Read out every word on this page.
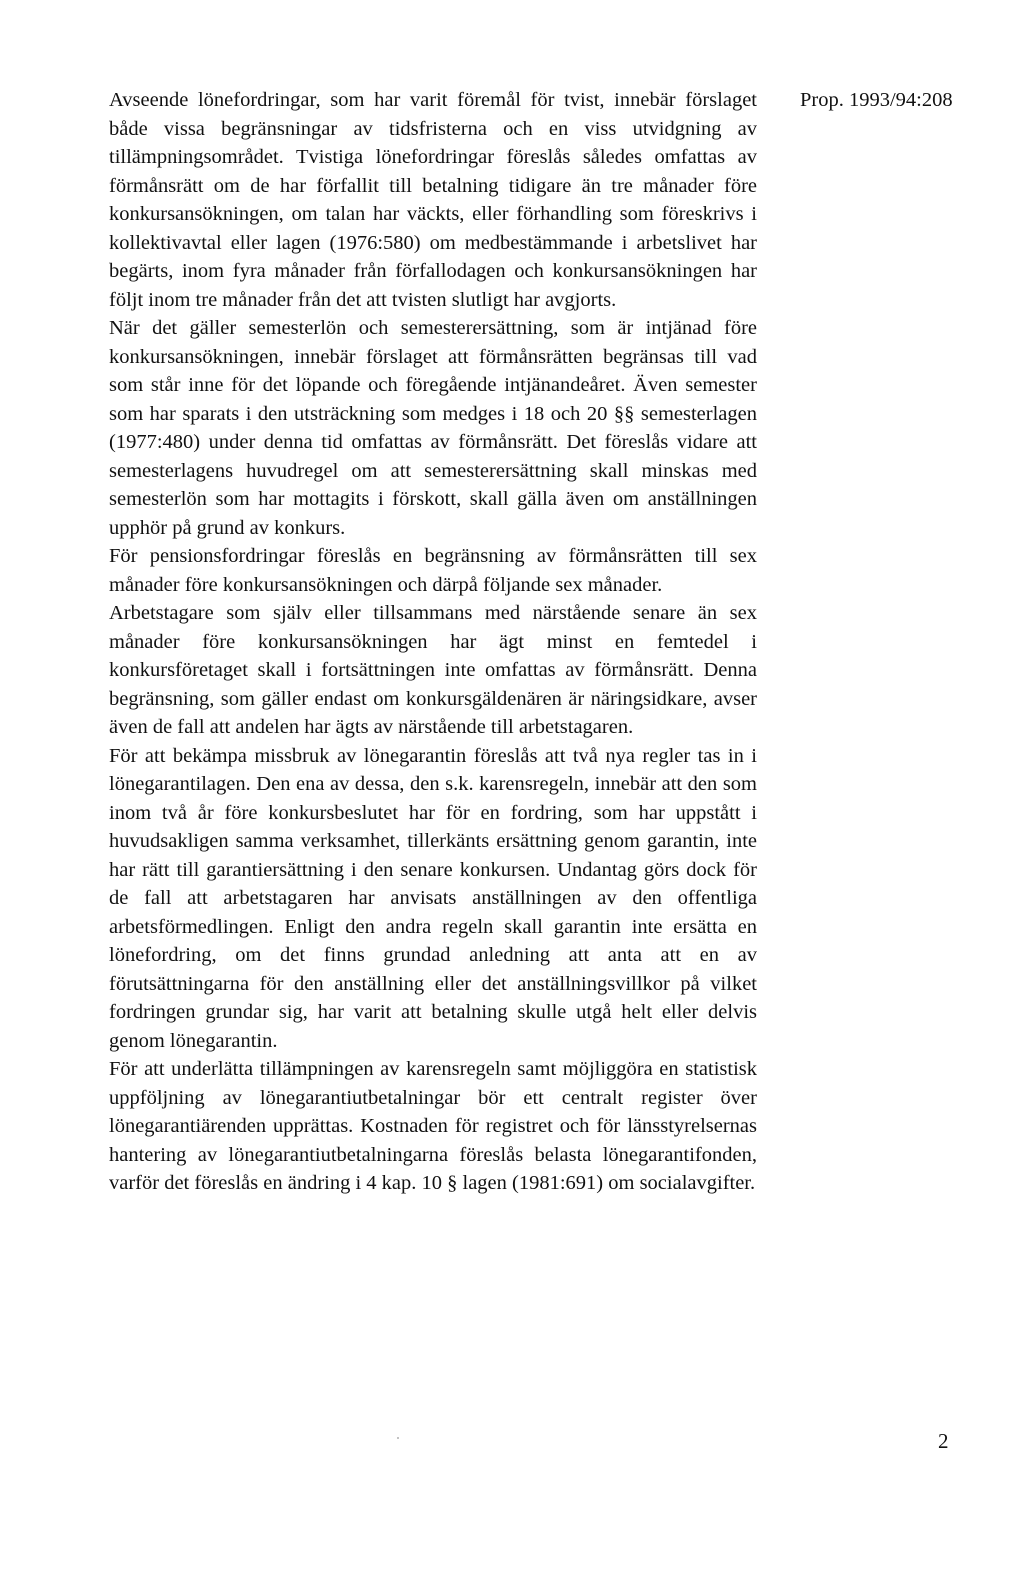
Prop. 1993/94:208

Avseende lönefordringar, som har varit föremål för tvist, innebär förslaget både vissa begränsningar av tidsfristerna och en viss utvidgning av tillämpningsområdet. Tvistiga lönefordringar föreslås således omfattas av förmånsrätt om de har förfallit till betalning tidigare än tre månader före konkursansökningen, om talan har väckts, eller förhandling som föreskrivs i kollektivavtal eller lagen (1976:580) om medbestämmande i arbetslivet har begärts, inom fyra månader från förfallodagen och konkursansökningen har följt inom tre månader från det att tvisten slutligt har avgjorts.

När det gäller semesterlön och semesterersättning, som är intjänad före konkursansökningen, innebär förslaget att förmånsrätten begränsas till vad som står inne för det löpande och föregående intjänandeåret. Även semester som har sparats i den utsträckning som medges i 18 och 20 §§ semesterlagen (1977:480) under denna tid omfattas av förmånsrätt. Det föreslås vidare att semesterlagens huvudregel om att semesterersättning skall minskas med semesterlön som har mottagits i förskott, skall gälla även om anställningen upphör på grund av konkurs.

För pensionsfordringar föreslås en begränsning av förmånsrätten till sex månader före konkursansökningen och därpå följande sex månader.

Arbetstagare som själv eller tillsammans med närstående senare än sex månader före konkursansökningen har ägt minst en femtedel i konkursföretaget skall i fortsättningen inte omfattas av förmånsrätt. Denna begränsning, som gäller endast om konkursgäldenären är näringsidkare, avser även de fall att andelen har ägts av närstående till arbetstagaren.

För att bekämpa missbruk av lönegarantin föreslås att två nya regler tas in i lönegarantilagen. Den ena av dessa, den s.k. karensregeln, innebär att den som inom två år före konkursbeslutet har för en fordring, som har uppstått i huvudsakligen samma verksamhet, tillerkänts ersättning genom garantin, inte har rätt till garantiersättning i den senare konkursen. Undantag görs dock för de fall att arbetstagaren har anvisats anställningen av den offentliga arbetsförmedlingen. Enligt den andra regeln skall garantin inte ersätta en lönefordring, om det finns grundad anledning att anta att en av förutsättningarna för den anställning eller det anställningsvillkor på vilket fordringen grundar sig, har varit att betalning skulle utgå helt eller delvis genom lönegarantin.

För att underlätta tillämpningen av karensregeln samt möjliggöra en statistisk uppföljning av lönegarantiutbetalningar bör ett centralt register över lönegarantiärenden upprättas. Kostnaden för registret och för länsstyrelsernas hantering av lönegarantiutbetalningarna föreslås belasta lönegarantifonden, varför det föreslås en ändring i 4 kap. 10 § lagen (1981:691) om socialavgifter.

2
